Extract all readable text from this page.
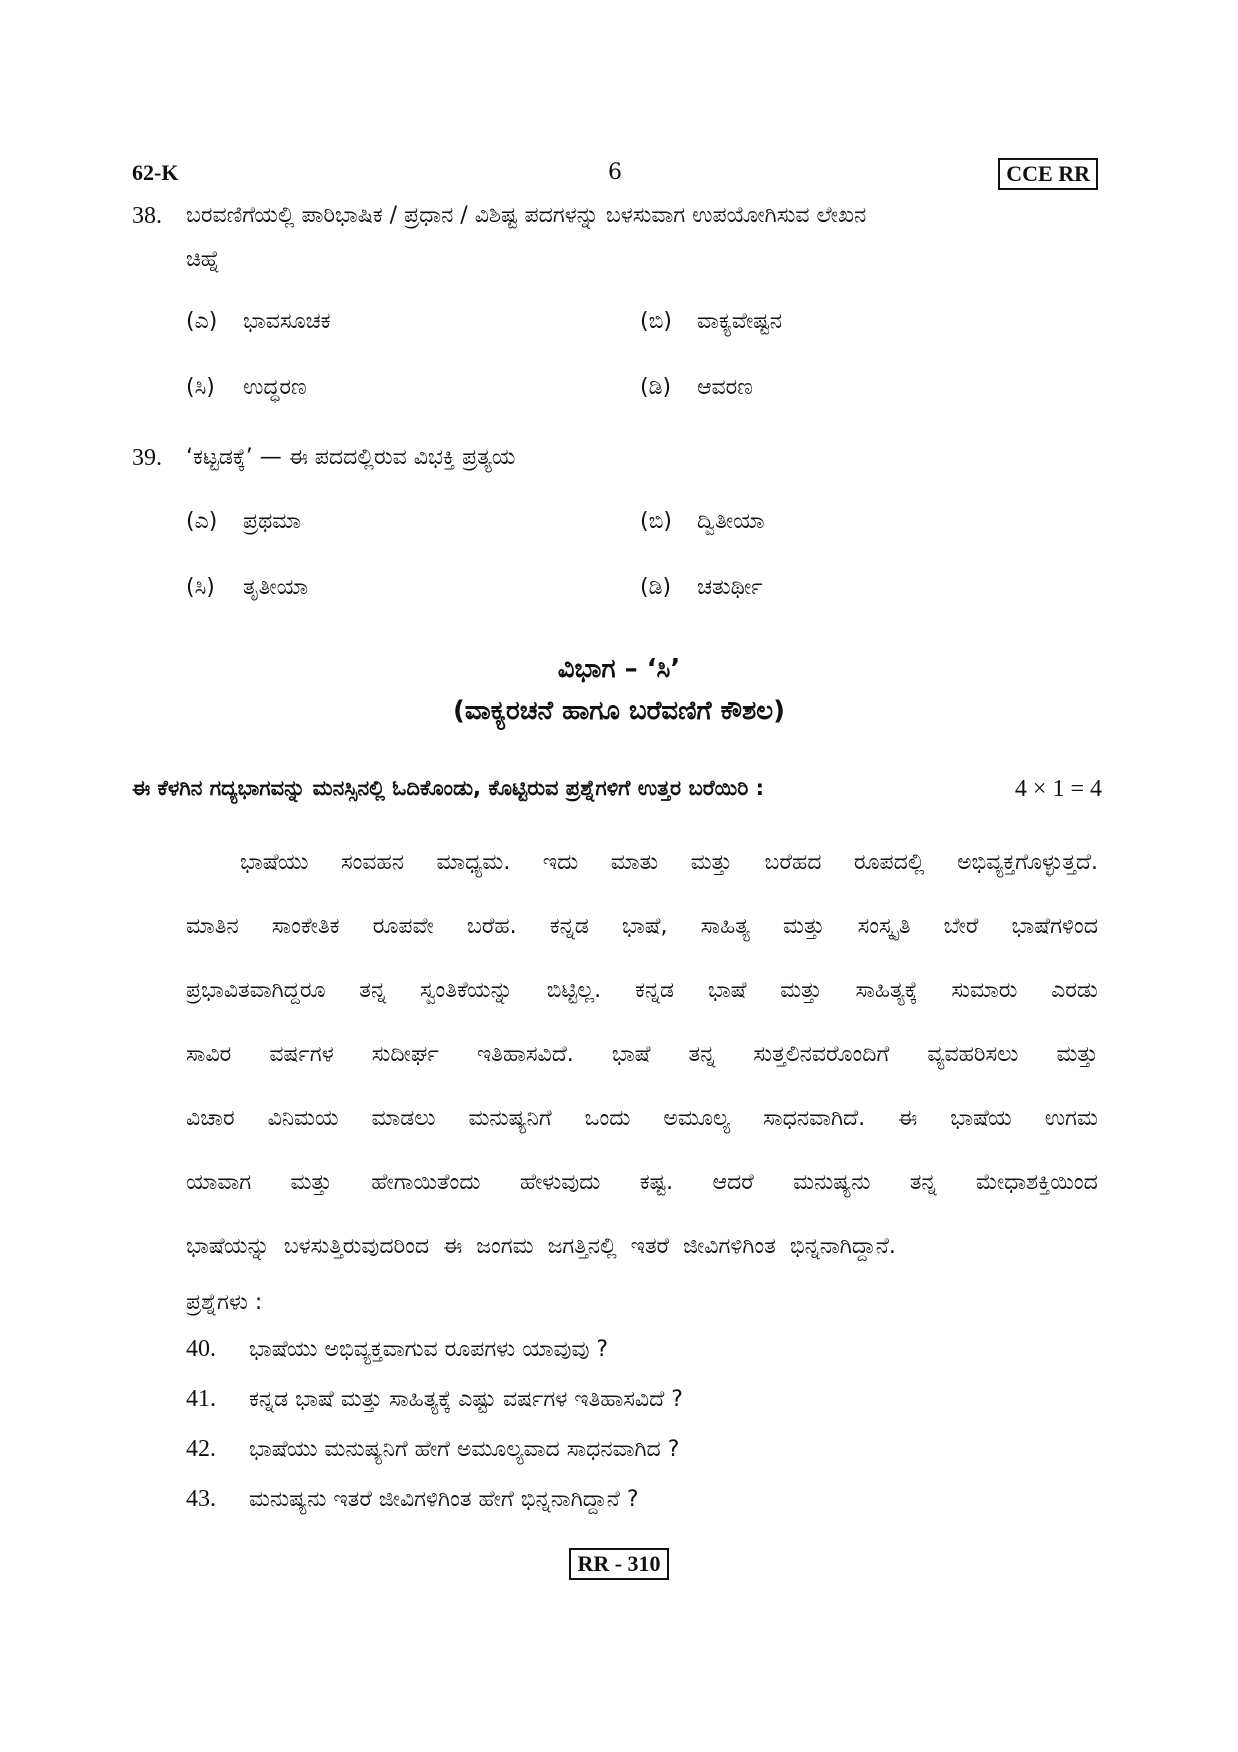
62-K	6	CCE RR
38.	ಬರವಣಿಗೆಯಲ್ಲಿ ಪಾರಿಭಾಷಿಕ / ಪ್ರಧಾನ / ವಿಶಿಷ್ಟ ಪದಗಳನ್ನು ಬಳಸುವಾಗ ಉಪಯೋಗಿಸುವ ಲೇಖನ
ಚಿಹ್ನೆ
(ಎ) ಭಾವಸೂಚಕ	(ಬಿ) ವಾಕ್ಯವೇಷ್ಟನ
(ಸಿ) ಉದ್ಧರಣ	(ಡಿ) ಆವರಣ
39.	‘ಕಟ್ಟಡಕ್ಕೆ’ — ಈ ಪದದಲ್ಲಿರುವ ವಿಭಕ್ತಿ ಪ್ರತ್ಯಯ
(ಎ) ಪ್ರಥಮಾ	(ಬಿ) ದ್ವಿತೀಯಾ
(ಸಿ) ತೃತೀಯಾ	(ಡಿ) ಚತುರ್ಥೀ
ವಿಭಾಗ – ‘ಸಿ’
(ವಾಕ್ಯರಚನೆ ಹಾಗೂ ಬರೆವಣಿಗೆ ಕೌಶಲ)
ಈ ಕೆಳಗಿನ ಗದ್ಯಭಾಗವನ್ನು ಮನಸ್ಸಿನಲ್ಲಿ ಓದಿಕೊಂಡು, ಕೊಟ್ಟಿರುವ ಪ್ರಶ್ನೆಗಳಿಗೆ ಉತ್ತರ ಬರೆಯಿರಿ :	4 × 1 = 4
ಭಾಷೆಯು ಸಂವಹನ ಮಾಧ್ಯಮ. ಇದು ಮಾತು ಮತ್ತು ಬರೆಹದ ರೂಪದಲ್ಲಿ ಅಭಿವ್ಯಕ್ತಗೊಳ್ಳುತ್ತದೆ.
ಮಾತಿನ ಸಾಂಕೇತಿಕ ರೂಪವೇ ಬರೆಹ. ಕನ್ನಡ ಭಾಷೆ, ಸಾಹಿತ್ಯ ಮತ್ತು ಸಂಸ್ಕೃತಿ ಬೇರೆ ಭಾಷೆಗಳಿಂದ
ಪ್ರಭಾವಿತವಾಗಿದ್ದರೂ ತನ್ನ ಸ್ವಂತಿಕೆಯನ್ನು ಬಿಟ್ಟಿಲ್ಲ. ಕನ್ನಡ ಭಾಷೆ ಮತ್ತು ಸಾಹಿತ್ಯಕ್ಕೆ ಸುಮಾರು ಎರಡು
ಸಾವಿರ ವರ್ಷಗಳ ಸುದೀರ್ಘ ಇತಿಹಾಸವಿದೆ. ಭಾಷೆ ತನ್ನ ಸುತ್ತಲಿನವರೊಂದಿಗೆ ವ್ಯವಹರಿಸಲು ಮತ್ತು
ವಿಚಾರ ವಿನಿಮಯ ಮಾಡಲು ಮನುಷ್ಯನಿಗೆ ಒಂದು ಅಮೂಲ್ಯ ಸಾಧನವಾಗಿದೆ. ಈ ಭಾಷೆಯ ಉಗಮ
ಯಾವಾಗ ಮತ್ತು ಹೇಗಾಯಿತೆಂದು ಹೇಳುವುದು ಕಷ್ಟ. ಆದರೆ ಮನುಷ್ಯನು ತನ್ನ ಮೇಧಾಶಕ್ತಿಯಿಂದ
ಭಾಷೆಯನ್ನು ಬಳಸುತ್ತಿರುವುದರಿಂದ ಈ ಜಂಗಮ ಜಗತ್ತಿನಲ್ಲಿ ಇತರೆ ಜೀವಿಗಳಿಗಿಂತ ಭಿನ್ನನಾಗಿದ್ದಾನೆ.
ಪ್ರಶ್ನೆಗಳು :
40. ಭಾಷೆಯು ಅಭಿವ್ಯಕ್ತವಾಗುವ ರೂಪಗಳು ಯಾವುವು ?
41. ಕನ್ನಡ ಭಾಷೆ ಮತ್ತು ಸಾಹಿತ್ಯಕ್ಕೆ ಎಷ್ಟು ವರ್ಷಗಳ ಇತಿಹಾಸವಿದೆ ?
42. ಭಾಷೆಯು ಮನುಷ್ಯನಿಗೆ ಹೇಗೆ ಅಮೂಲ್ಯವಾದ ಸಾಧನವಾಗಿದ ?
43. ಮನುಷ್ಯನು ಇತರೆ ಜೀವಿಗಳಿಗಿಂತ ಹೇಗೆ ಭಿನ್ನನಾಗಿದ್ದಾನೆ ?
RR - 310
